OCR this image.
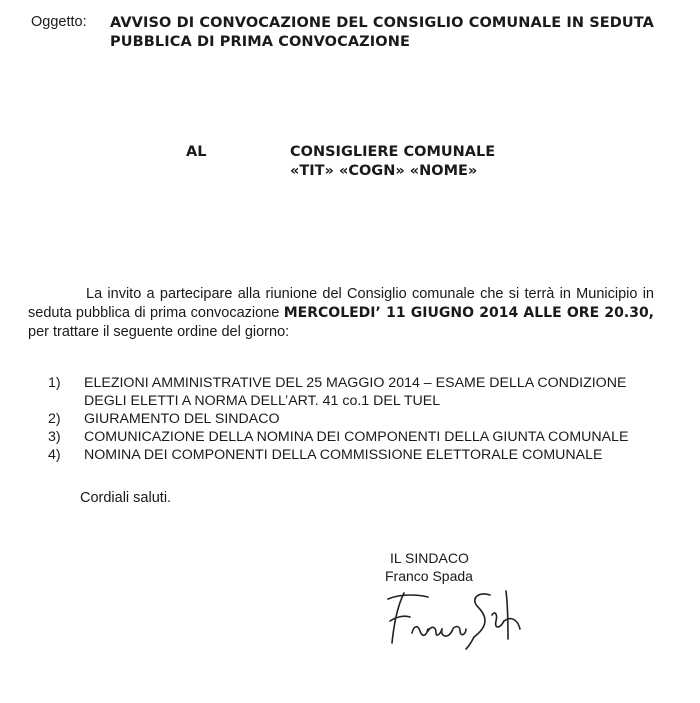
Oggetto: AVVISO DI CONVOCAZIONE DEL CONSIGLIO COMUNALE IN SEDUTA PUBBLICA DI PRIMA CONVOCAZIONE
AL	CONSIGLIERE COMUNALE
«TIT» «COGN» «NOME»

La invito a partecipare alla riunione del Consiglio comunale che si terrà in Municipio in seduta pubblica di prima convocazione MERCOLEDI’ 11 GIUGNO 2014 ALLE ORE 20.30, per trattare il seguente ordine del giorno:

1)	ELEZIONI AMMINISTRATIVE DEL 25 MAGGIO 2014 – ESAME DELLA CONDIZIONE DEGLI ELETTI A NORMA DELL’ART. 41 co.1 DEL TUEL
2)	GIURAMENTO DEL SINDACO
3)	COMUNICAZIONE DELLA NOMINA DEI COMPONENTI DELLA GIUNTA COMUNALE
4)	NOMINA DEI COMPONENTI DELLA COMMISSIONE ELETTORALE COMUNALE
Cordiali saluti.
IL SINDACO
Franco Spada
